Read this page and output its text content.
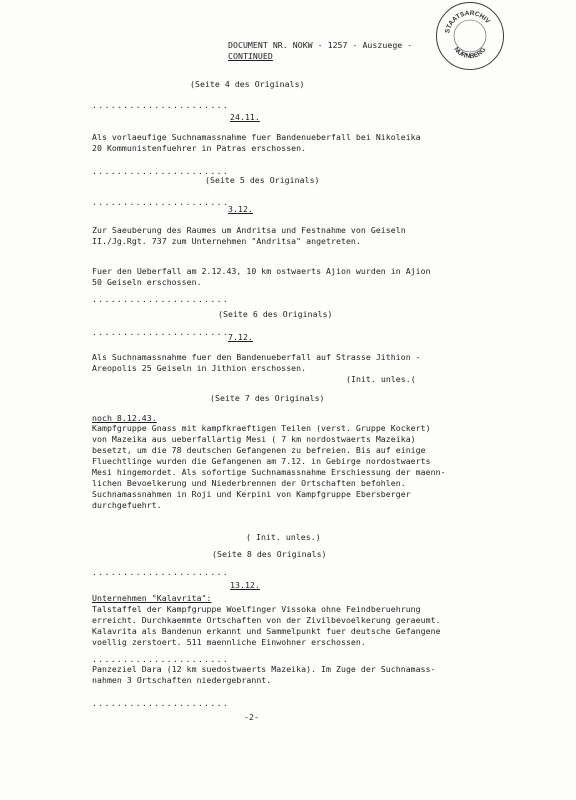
STAATSARCHIV
NÜRNBERG
DOCUMENT NR. NOKW - 1257 - Auszuege -
CONTINUED
(Seite 4 des Originals)
......................
24.11.
Als vorlaeufige Suchnamassnahme fuer Bandenueberfall bei Nikoleika
20 Kommunistenfuehrer in Patras erschossen.
......................
(Seite 5 des Originals)
......................
3.12.
Zur Saeuberung des Raumes um Andritsa und Festnahme von Geiseln
II./Jg.Rgt. 737 zum Unternehmen "Andritsa" angetreten.
Fuer den Ueberfall am 2.12.43, 10 km ostwaerts Ajion wurden in Ajion
50 Geiseln erschossen.
......................
(Seite 6 des Originals)
......................
7.12.
Als Suchnamassnahme fuer den Bandenueberfall auf Strasse Jithion -
Areopolis 25 Geiseln in Jithion erschossen.
(Init. unles.(
(Seite 7 des Originals)
noch 8.12.43.
Kampfgruppe Gnass mit kampfkraeftigen Teilen (verst. Gruppe Kockert)
von Mazeika aus ueberfallartig Mesi ( 7 km nordostwaerts Mazeika)
besetzt, um die 78 deutschen Gefangenen zu befreien. Bis auf einige
Fluechtlinge wurden die Gefangenen am 7.12. in Gebirge nordostwaerts
Mesi hingemordet. Als sofortige Suchnamassnahme Erschiessung der maenn-
lichen Bevoelkerung und Niederbrennen der Ortschaften befohlen.
Suchnamassnahmen in Roji und Kerpini von Kampfgruppe Ebersberger
durchgefuehrt.
( Init. unles.)
(Seite 8 des Originals)
......................
13.12.
Unternehmen "Kalavrita":
Talstaffel der Kampfgruppe Woelfinger Vissoka ohne Feindberuehrung
erreicht. Durchkaemmte Ortschaften von der Zivilbevoelkerung geraeumt.
Kalavrita als Bandenun erkannt und Sammelpunkt fuer deutsche Gefangene
voellig zerstoert. 511 maennliche Einwohner erschossen.
......................
Panzeziel Dara (12 km suedostwaerts Mazeika). Im Zuge der Suchnamass-
nahmen 3 Ortschaften niedergebrannt.
......................
-2-
